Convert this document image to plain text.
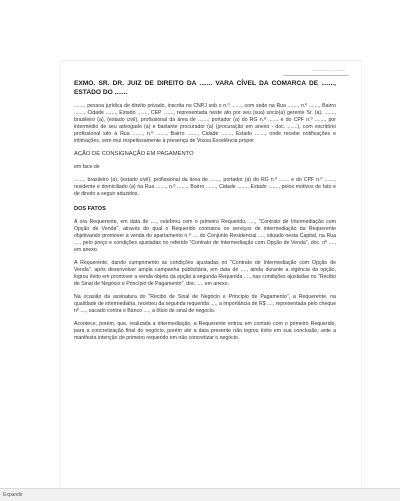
— — — — — —

EXMO. SR. DR. JUIZ DE DIREITO DA ....... VARA CÍVEL DA COMARCA DE ......., ESTADO DO .......

......., pessoa jurídica de direito privado, inscrita no CNPJ sob o n.º ......., com sede na Rua ......., n.º ......., Bairro ......., Cidade ......., Estado ......., CEP ......., representada neste ato por seu (sua) sócio(a) gerente Sr. (a). ......., brasileiro (a), (estado civil), profissional da área de ......., portador (a) do RG n.º ....... e do CPF n.º ......., por intermédio de seu advogado (a) e bastante procurador (a) (procuração em anexo - doc. .......), com escritório profissional sito à Rua ......., n.º ......., Bairro ......., Cidade ......., Estado ......., onde recebe notificações e intimações, vem mui respeitosamente à presença de Vossa Excelência propor

AÇÃO DE CONSIGNAÇÃO EM PAGAMENTO

em face de

......., brasileiro (a), (estado civil), profissional da área de ......., portador (a) do RG n.º ....... e do CPF n.º ......., residente e domiciliado (a) na Rua ......., n.º ......., Bairro ......., Cidade ......., Estado ......., pelos motivos de fato e de direito a seguir aduzidos.

DOS FATOS

A ora Requerente, em data de ...., celebrou com o primeiro Requerido, ...., "Contrato de Intermediação com Opção de Venda", através do qual o Requerido contratou os serviços de intermediação da Requerente objetivando promover a venda do apartamento n.º .... do Conjunto Residencial ...., situado nesta Capital, na Rua ...., pelo preço e condições ajustadas no referido "Contrato de Intermediação com Opção de Venda", doc. nº ...., em anexo.

A Requerente, dando cumprimento às condições ajustadas no "Contrato de Intermediação com Opção de Venda", após desenvolver ampla campanha publicitária, em data de ...., ainda durante a vigência da opção, logrou êxito em promover a venda objeto da opção à segunda Requerida ...., nas condições ajustadas no "Recibo de Sinal de Negócio e Princípio de Pagamento", doc. .... em anexo.

Na ocasião da assinatura do "Recibo de Sinal de Negócio e Princípio de Pagamento", a Requerente, na qualidade de intermediária, recebeu da segunda requerida ...., a importância de R$ ...., representada pelo cheque nº ...., sacado contra o Banco ...., a título de sinal de negócio.

Acontece, porém, que, realizada a intermediação, a Requerente entrou em contato com o primeiro Requerido, para a concretização final do negócio, porém até a data presente não logrou êxito em sua conclusão, ante a manifesta intenção do primeiro requerido em não concretizar o negócio.

Expandir
